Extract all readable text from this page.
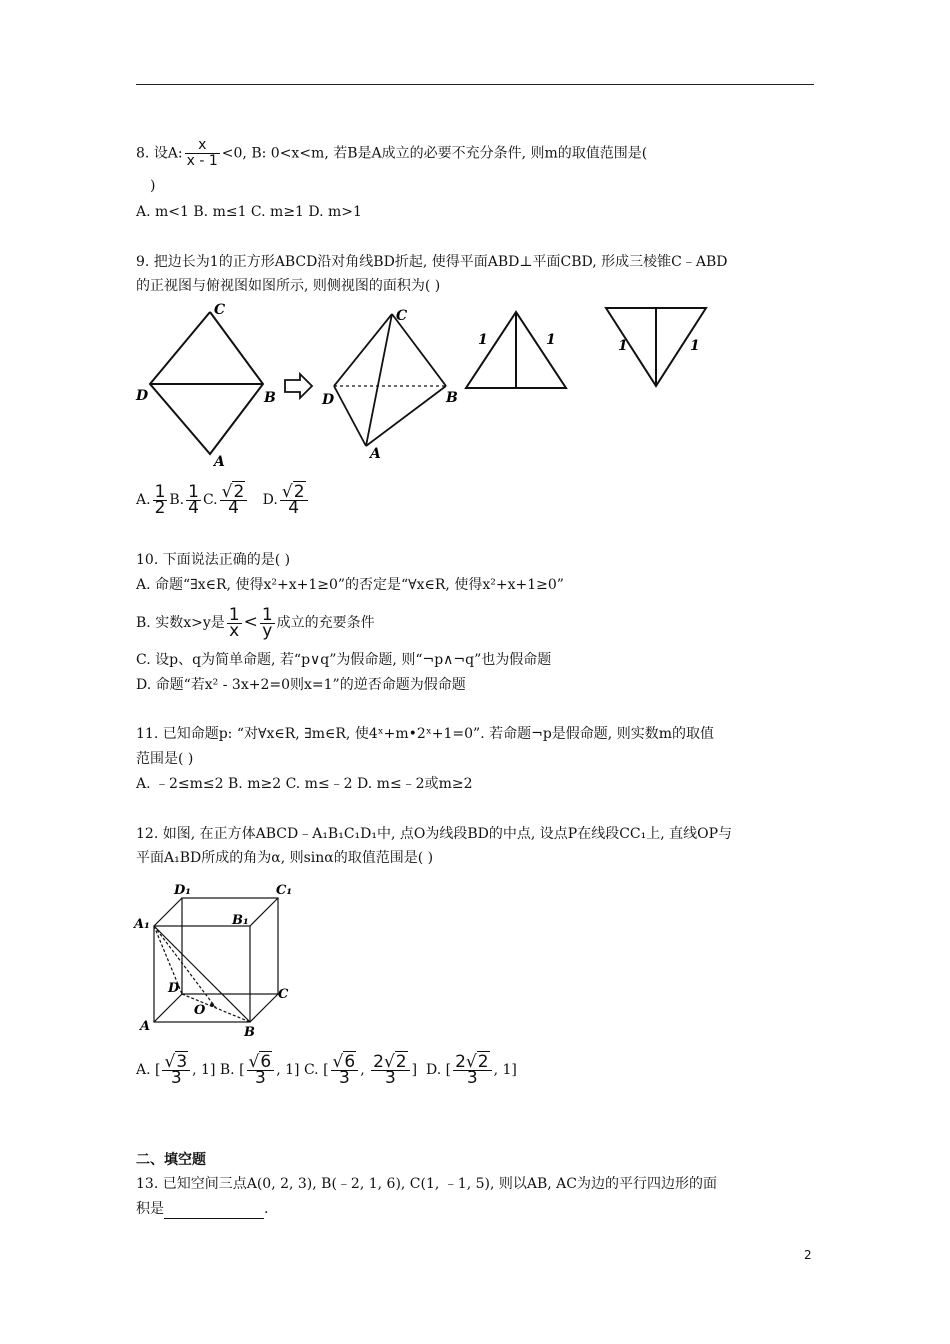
8. 设A: $\frac{x}{x - 1} <0$, B: 0<x<m, 若B是A成立的必要不充分条件, 则m的取值范围是(
)
A. m<1 B. m≤1 C. m≥1 D. m>1
9. 把边长为1的正方形ABCD沿对角线BD折起, 使得平面ABD⊥平面CBD, 形成三棱锥C﹣ABD
的正视图与俯视图如图所示, 则侧视图的面积为( )
C
D	B
A
C
D	B
A
1	1	1	1
A. $\frac{1}{2} B$. $\frac{1}{4} C$. $\frac{√2}{4} D$. $\frac{√2}{4}$
10. 下面说法正确的是( )
A. 命题“∃x∈R, 使得x²+x+1≥0”的否定是“∀x∈R, 使得x²+x+1≥0”
B. 实数x>y是 $\frac{1}{x} < \frac{1}{y}$ 成立的充要条件
C. 设p、q为简单命题, 若“p∨q”为假命题, 则“¬p∧¬q”也为假命题
D. 命题“若x² - 3x+2=0则x=1”的逆否命题为假命题
11. 已知命题p: “对∀x∈R, ∃m∈R, 使4ˣ+m•2ˣ+1=0”. 若命题¬p是假命题, 则实数m的取值
范围是( )
A. ﹣2≤m≤2 B. m≥2 C. m≤﹣2 D. m≤﹣2或m≥2
12. 如图, 在正方体ABCD﹣A₁B₁C₁D₁中, 点O为线段BD的中点, 设点P在线段CC₁上, 直线OP与
平面A₁BD所成的角为α, 则sinα的取值范围是( )
D₁	C₁
A₁	B₁
D	C
O
A	B
A. [ $\frac{√3}{3}$ , 1] B. [ $\frac{√6}{3}$ , 1] C. [ $\frac{√6}{3}$ , $\frac{2√2}{3}$ ] D. [ $\frac{2√2}{3}$ , 1]
二、填空题
13. 已知空间三点A(0, 2, 3), B(﹣2, 1, 6), C(1, ﹣1, 5), 则以AB, AC为边的平行四边形的面
积是	.
2
